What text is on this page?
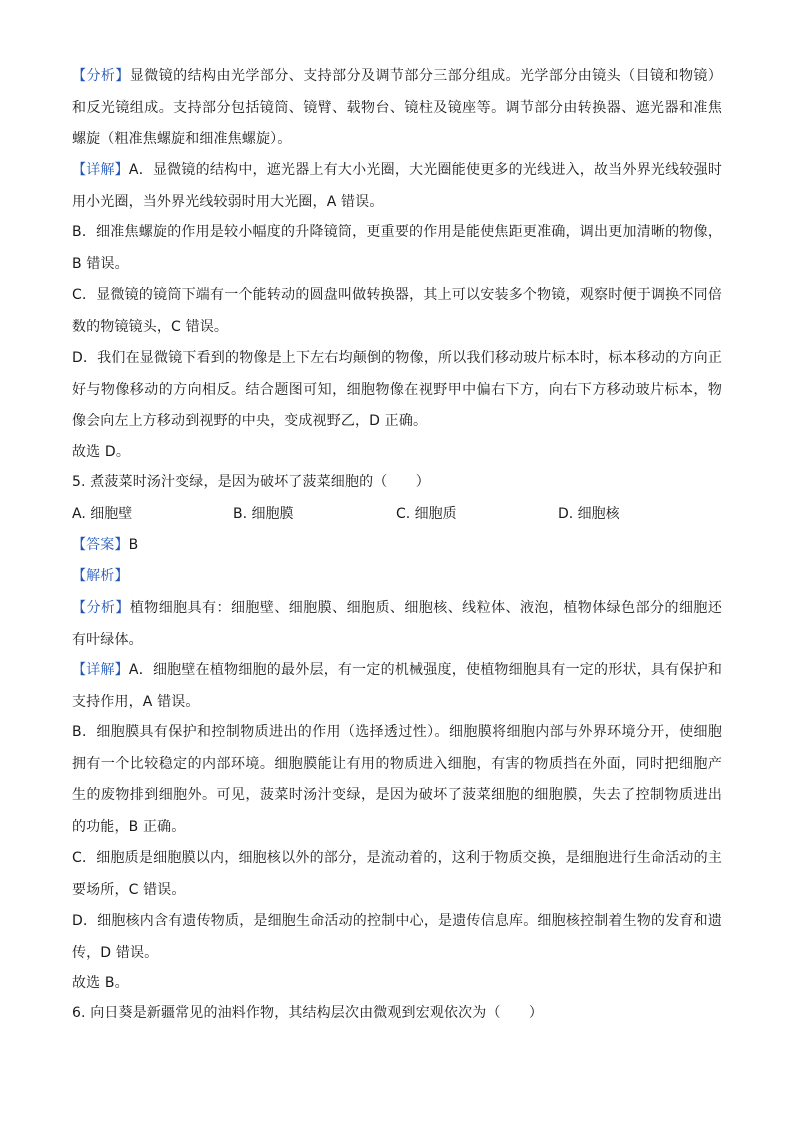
【分析】显微镜的结构由光学部分、支持部分及调节部分三部分组成。光学部分由镜头（目镜和物镜）和反光镜组成。支持部分包括镜筒、镜臂、载物台、镜柱及镜座等。调节部分由转换器、遮光器和准焦螺旋（粗准焦螺旋和细准焦螺旋）。
【详解】A．显微镜的结构中，遮光器上有大小光圈，大光圈能使更多的光线进入，故当外界光线较强时用小光圈，当外界光线较弱时用大光圈，A 错误。
B．细准焦螺旋的作用是较小幅度的升降镜筒，更重要的作用是能使焦距更准确，调出更加清晰的物像，B 错误。
C．显微镜的镜筒下端有一个能转动的圆盘叫做转换器，其上可以安装多个物镜，观察时便于调换不同倍数的物镜镜头，C 错误。
D．我们在显微镜下看到的物像是上下左右均颠倒的物像，所以我们移动玻片标本时，标本移动的方向正好与物像移动的方向相反。结合题图可知，细胞物像在视野甲中偏右下方，向右下方移动玻片标本，物像会向左上方移动到视野的中央，变成视野乙，D 正确。
故选 D。
5. 煮菠菜时汤汁变绿，是因为破坏了菠菜细胞的（　　）
A. 细胞壁	B. 细胞膜	C. 细胞质	D. 细胞核
【答案】B
【解析】
【分析】植物细胞具有：细胞壁、细胞膜、细胞质、细胞核、线粒体、液泡，植物体绿色部分的细胞还有叶绿体。
【详解】A．细胞壁在植物细胞的最外层，有一定的机械强度，使植物细胞具有一定的形状，具有保护和支持作用，A 错误。
B．细胞膜具有保护和控制物质进出的作用（选择透过性）。细胞膜将细胞内部与外界环境分开，使细胞拥有一个比较稳定的内部环境。细胞膜能让有用的物质进入细胞，有害的物质挡在外面，同时把细胞产生的废物排到细胞外。可见，菠菜时汤汁变绿，是因为破坏了菠菜细胞的细胞膜，失去了控制物质进出的功能，B 正确。
C．细胞质是细胞膜以内，细胞核以外的部分，是流动着的，这利于物质交换，是细胞进行生命活动的主要场所，C 错误。
D．细胞核内含有遗传物质，是细胞生命活动的控制中心，是遗传信息库。细胞核控制着生物的发育和遗传，D 错误。
故选 B。
6. 向日葵是新疆常见的油料作物，其结构层次由微观到宏观依次为（　　）
